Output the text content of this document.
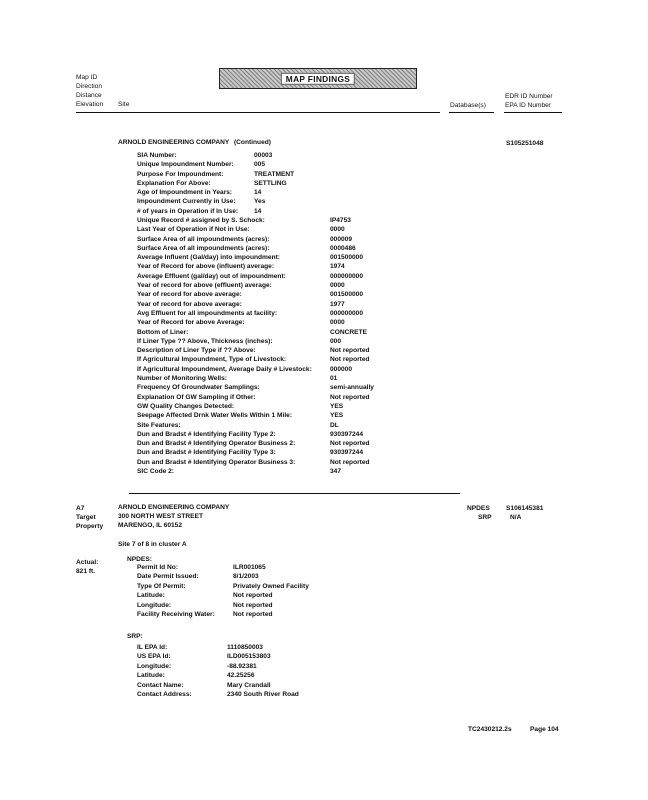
Map ID
Direction
Distance
Elevation Site
MAP FINDINGS
Database(s)
EDR ID Number
EPA ID Number
ARNOLD ENGINEERING COMPANY (Continued)	S105251048
SIA Number:	00003
Unique Impoundment Number:	005
Purpose For Impoundment:	TREATMENT
Explanation For Above:	SETTLING
Age of Impoundment in Years:	14
Impoundment Currently in Use:	Yes
# of years in Operation if In Use: 14
Unique Record # assigned by S. Schock:	IP4753
Last Year of Operation if Not in Use:	0000
Surface Area of all impoundments (acres):	000009
Surface Area of all impoundments (acres):	0000486
Average Influent (Gal/day) into impoundment:	001500000
Year of Record for above (influent) average:	1974
Average Effluent (gal/day) out of impoundment:	000000000
Year of record for above (effluent) average:	0000
Year of record for above average:	001500000
Year of record for above average:	1977
Avg Effluent for all impoundments at facility:	000000000
Year of Record for above Average:	0000
Bottom of Liner:	CONCRETE
If Liner Type ?? Above, Thickness (inches):	000
Description of Liner Type if ?? Above:	Not reported
If Agricultural Impoundment, Type of Livestock:	Not reported
If Agricultural Impoundment, Average Daily # Livestock:	000000
Number of Monitoring Wells:	01
Frequency Of Groundwater Samplings:	semi-annually
Explanation Of GW Sampling if Other:	Not reported
GW Quality Changes Detected:	YES
Seepage Affected Drnk Water Wells Within 1 Mile:	YES
Site Features:	DL
Dun and Bradst # Identifying Facility Type 2:	930397244
Dun and Bradst # Identifying Operator Business 2:	Not reported
Dun and Bradst # Identifying Facility Type 3:	930397244
Dun and Bradst # Identifying Operator Business 3:	Not reported
SIC Code 2:	347
A7
Target
Property
ARNOLD ENGINEERING COMPANY
300 NORTH WEST STREET
MARENGO, IL 60152
NPDES
SRP
S106145381
N/A
Site 7 of 8 in cluster A
Actual:
821 ft.
NPDES:
Permit Id No:	ILR001065
Date Permit Issued:	8/1/2003
Type Of Permit:	Privately Owned Facility
Latitude:	Not reported
Longitude:	Not reported
Facility Receiving Water:	Not reported
SRP:
IL EPA Id:	1110850003
US EPA Id:	ILD005153803
Longitude:	-88.92381
Latitude:	42.25256
Contact Name:	Mary Crandall
Contact Address:	2340 South River Road
TC2430212.2s	Page 104
